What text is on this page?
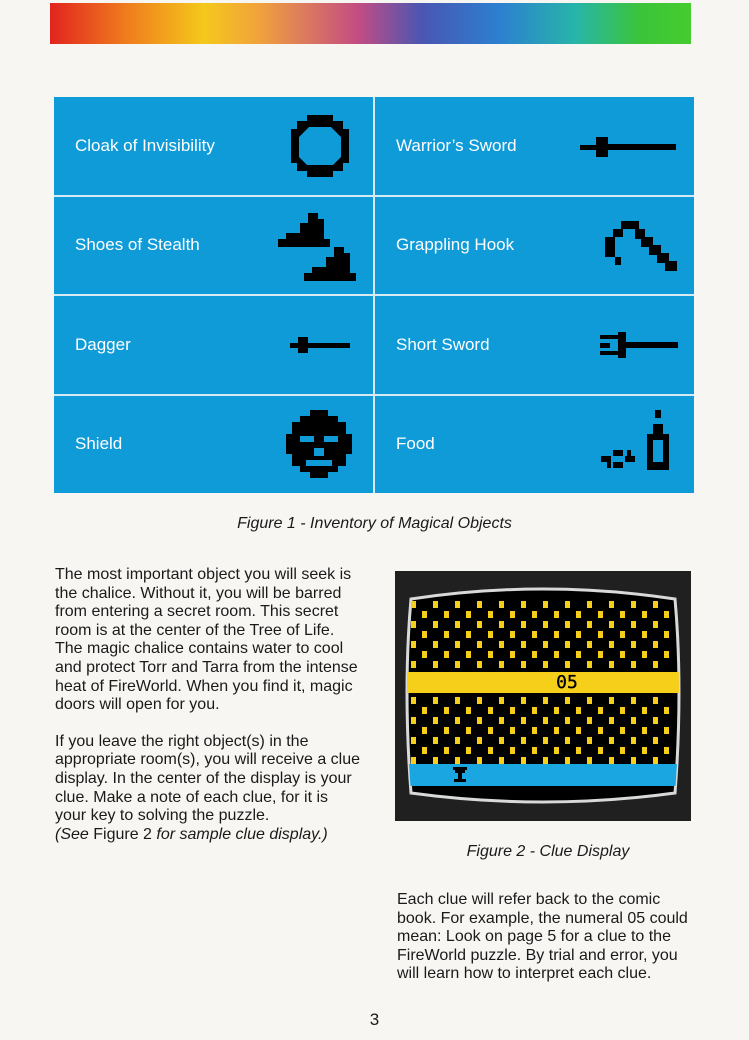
Cloak of Invisibility	Warrior’s Sword
Shoes of Stealth	Grappling Hook
Dagger	Short Sword
Shield	Food
Figure 1 - Inventory of Magical Objects

The most important object you will seek is the chalice. Without it, you will be barred from entering a secret room. This secret room is at the center of the Tree of Life. The magic chalice contains water to cool and protect Torr and Tarra from the intense heat of FireWorld. When you find it, magic doors will open for you.

If you leave the right object(s) in the appropriate room(s), you will receive a clue display. In the center of the display is your clue. Make a note of each clue, for it is your key to solving the puzzle.
(See Figure 2 for sample clue display.)

05
Figure 2 - Clue Display

Each clue will refer back to the comic book. For example, the numeral 05 could mean: Look on page 5 for a clue to the FireWorld puzzle. By trial and error, you will learn how to interpret each clue.

3
